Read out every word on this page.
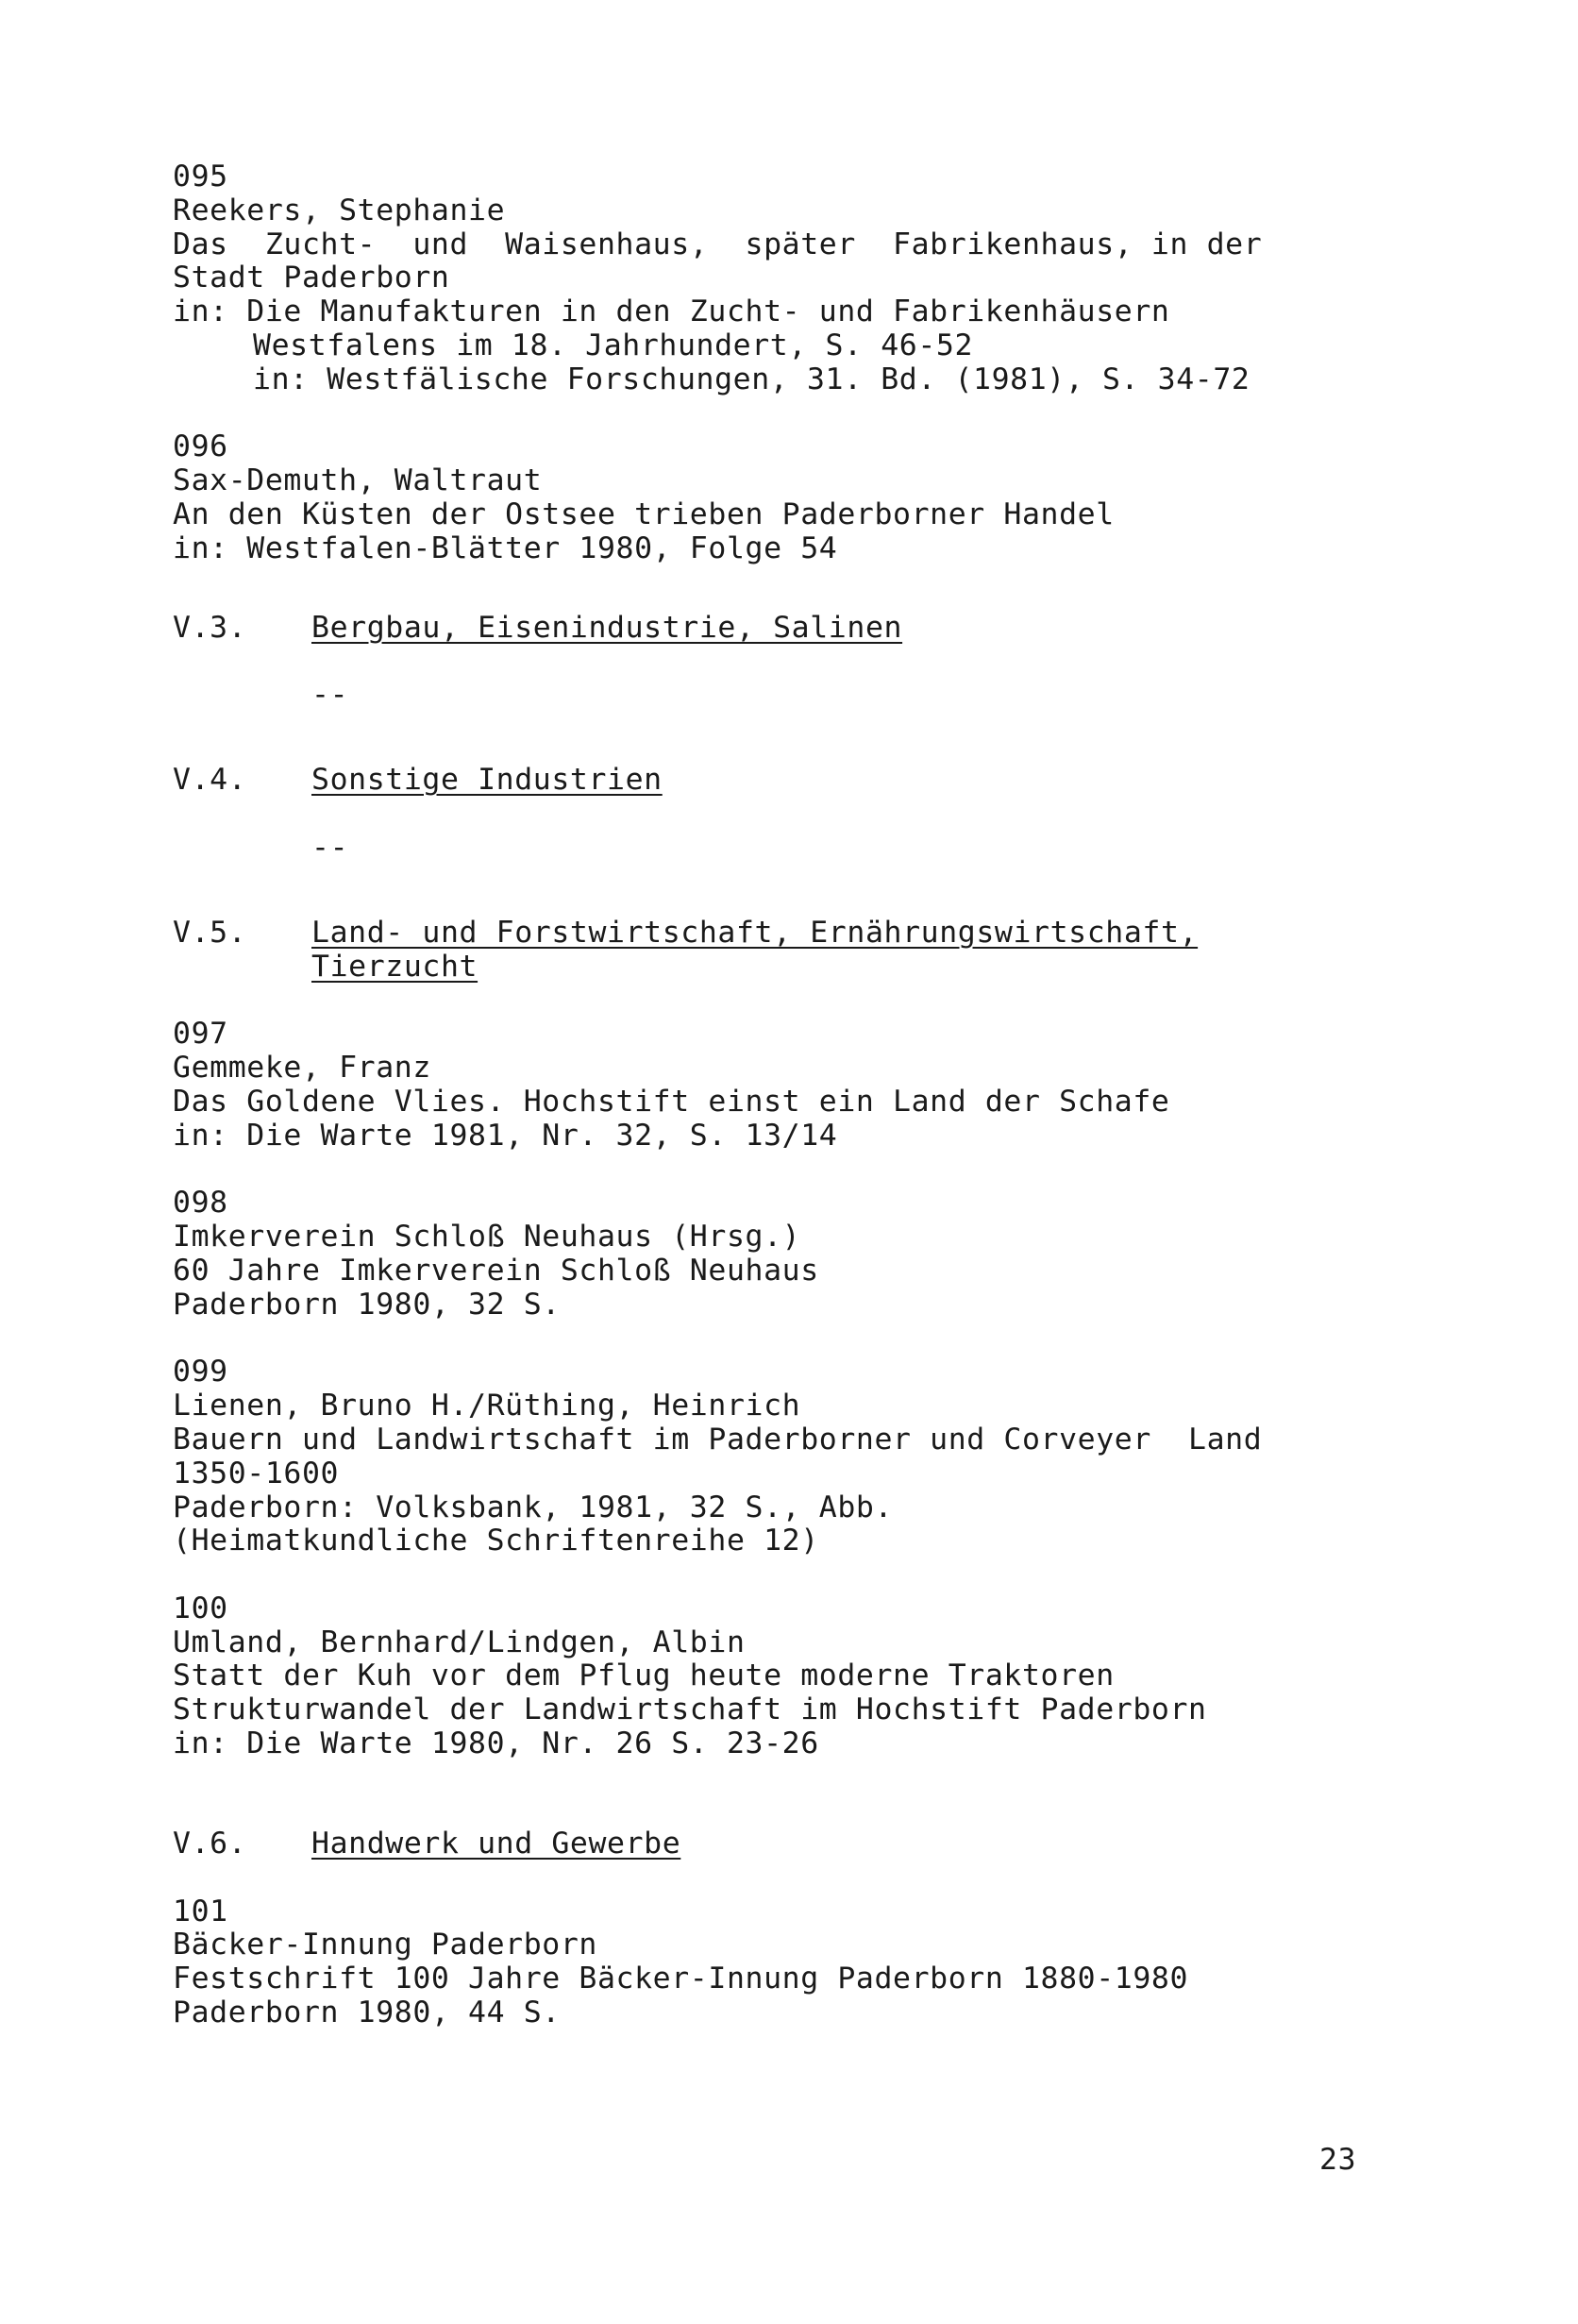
095
Reekers, Stephanie
Das  Zucht-  und  Waisenhaus,  später  Fabrikenhaus, in der
Stadt Paderborn
in: Die Manufakturen in den Zucht- und Fabrikenhäusern
Westfalens im 18. Jahrhundert, S. 46-52
in: Westfälische Forschungen, 31. Bd. (1981), S. 34-72
096
Sax-Demuth, Waltraut
An den Küsten der Ostsee trieben Paderborner Handel
in: Westfalen-Blätter 1980, Folge 54
V.3.	Bergbau, Eisenindustrie, Salinen
--
V.4.	Sonstige Industrien
--
V.5.	Land- und Forstwirtschaft, Ernährungswirtschaft,
Tierzucht
097
Gemmeke, Franz
Das Goldene Vlies. Hochstift einst ein Land der Schafe
in: Die Warte 1981, Nr. 32, S. 13/14
098
Imkerverein Schloß Neuhaus (Hrsg.)
60 Jahre Imkerverein Schloß Neuhaus
Paderborn 1980, 32 S.
099
Lienen, Bruno H./Rüthing, Heinrich
Bauern und Landwirtschaft im Paderborner und Corveyer  Land
1350-1600
Paderborn: Volksbank, 1981, 32 S., Abb.
(Heimatkundliche Schriftenreihe 12)
100
Umland, Bernhard/Lindgen, Albin
Statt der Kuh vor dem Pflug heute moderne Traktoren
Strukturwandel der Landwirtschaft im Hochstift Paderborn
in: Die Warte 1980, Nr. 26 S. 23-26
V.6.	Handwerk und Gewerbe
101
Bäcker-Innung Paderborn
Festschrift 100 Jahre Bäcker-Innung Paderborn 1880-1980
Paderborn 1980, 44 S.
23
